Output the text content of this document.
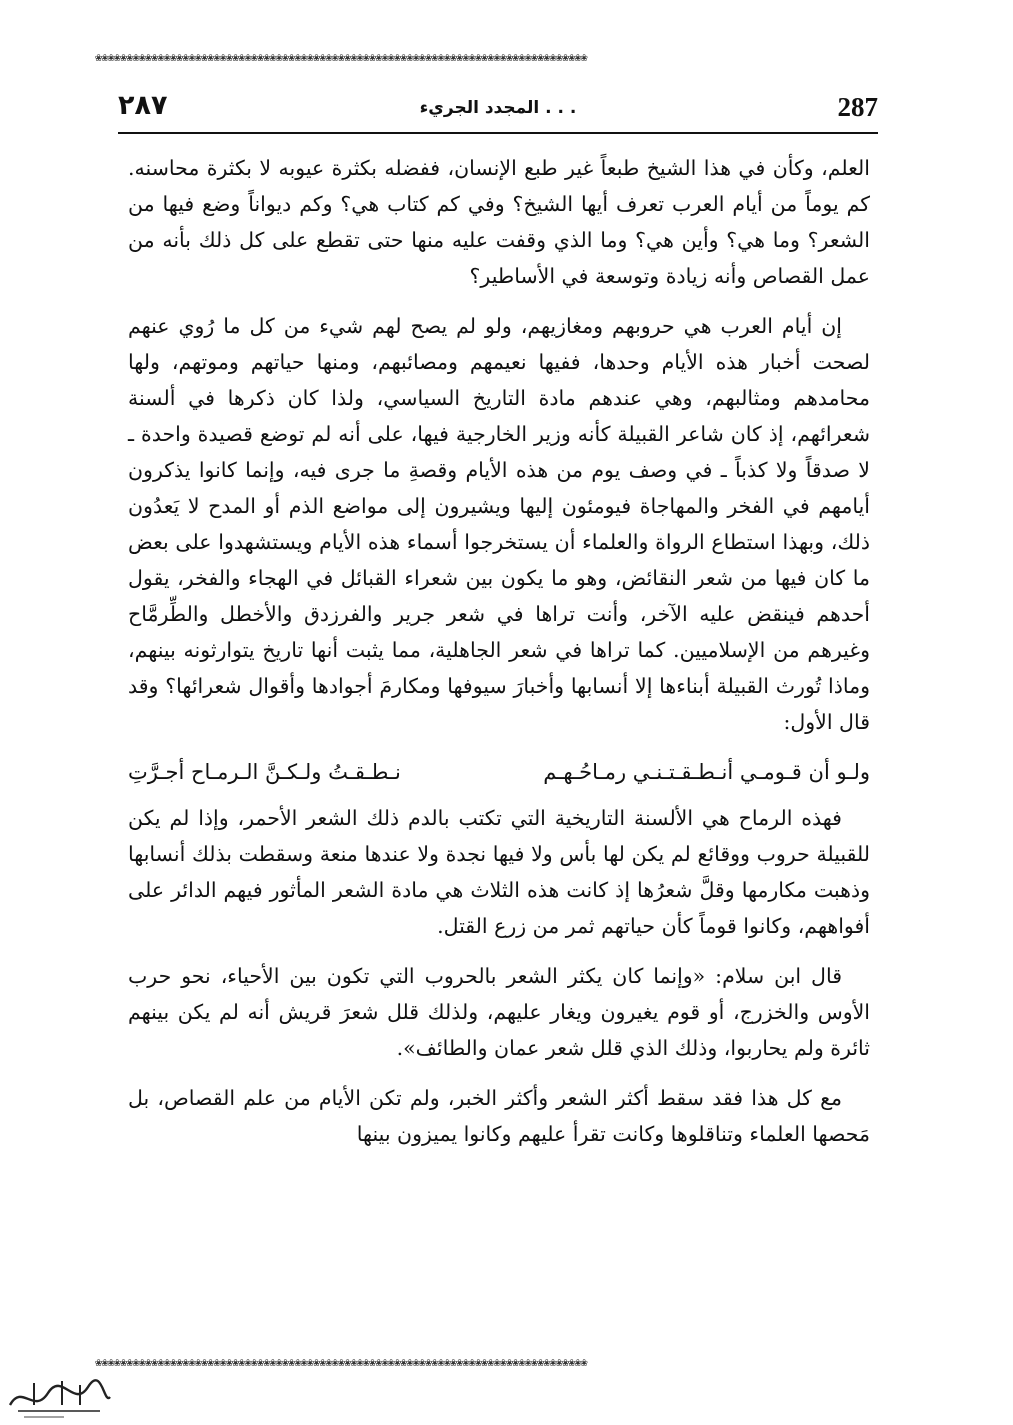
❀❀❀❀❀❀❀❀❀❀❀❀❀❀❀❀❀❀❀❀❀❀❀❀❀❀❀❀❀❀❀❀❀❀❀❀❀❀❀❀❀❀❀❀❀❀❀❀❀❀❀❀❀❀❀❀❀❀❀❀❀❀❀❀❀❀❀❀❀❀❀❀❀❀❀❀❀❀❀
287
المجدد الجريء . . .
٢٨٧

العلم، وكأن في هذا الشيخ طبعاً غير طبع الإنسان، ففضله بكثرة عيوبه لا بكثرة محاسنه. كم يوماً من أيام العرب تعرف أيها الشيخ؟ وفي كم كتاب هي؟ وكم ديواناً وضع فيها من الشعر؟ وما هي؟ وأين هي؟ وما الذي وقفت عليه منها حتى تقطع على كل ذلك بأنه من عمل القصاص وأنه زيادة وتوسعة في الأساطير؟

إن أيام العرب هي حروبهم ومغازيهم، ولو لم يصح لهم شيء من كل ما رُوي عنهم لصحت أخبار هذه الأيام وحدها، ففيها نعيمهم ومصائبهم، ومنها حياتهم وموتهم، ولها محامدهم ومثالبهم، وهي عندهم مادة التاريخ السياسي، ولذا كان ذكرها في ألسنة شعرائهم، إذ كان شاعر القبيلة كأنه وزير الخارجية فيها، على أنه لم توضع قصيدة واحدة ـ لا صدقاً ولا كذباً ـ في وصف يوم من هذه الأيام وقصةِ ما جرى فيه، وإنما كانوا يذكرون أيامهم في الفخر والمهاجاة فيومئون إليها ويشيرون إلى مواضع الذم أو المدح لا يَعدُون ذلك، وبهذا استطاع الرواة والعلماء أن يستخرجوا أسماء هذه الأيام ويستشهدوا على بعض ما كان فيها من شعر النقائض، وهو ما يكون بين شعراء القبائل في الهجاء والفخر، يقول أحدهم فينقض عليه الآخر، وأنت تراها في شعر جرير والفرزدق والأخطل والطِّرمَّاح وغيرهم من الإسلاميين. كما تراها في شعر الجاهلية، مما يثبت أنها تاريخ يتوارثونه بينهم، وماذا تُورث القبيلة أبناءها إلا أنسابها وأخبارَ سيوفها ومكارمَ أجوادها وأقوال شعرائها؟ وقد قال الأول:

ولـو أن قـومـي أنـطـقـتـنـي رمـاحُـهـم
نـطـقـتُ ولـكـنَّ الـرمـاح أجـرَّتِ

فهذه الرماح هي الألسنة التاريخية التي تكتب بالدم ذلك الشعر الأحمر، وإذا لم يكن للقبيلة حروب ووقائع لم يكن لها بأس ولا فيها نجدة ولا عندها منعة وسقطت بذلك أنسابها وذهبت مكارمها وقلَّ شعرُها إذ كانت هذه الثلاث هي مادة الشعر المأثور فيهم الدائر على أفواههم، وكانوا قوماً كأن حياتهم ثمر من زرع القتل.

قال ابن سلام: «وإنما كان يكثر الشعر بالحروب التي تكون بين الأحياء، نحو حرب الأوس والخزرج، أو قوم يغيرون ويغار عليهم، ولذلك قلل شعرَ قريش أنه لم يكن بينهم ثائرة ولم يحاربوا، وذلك الذي قلل شعر عمان والطائف».

مع كل هذا فقد سقط أكثر الشعر وأكثر الخبر، ولم تكن الأيام من علم القصاص، بل مَحصها العلماء وتناقلوها وكانت تقرأ عليهم وكانوا يميزون بينها

❀❀❀❀❀❀❀❀❀❀❀❀❀❀❀❀❀❀❀❀❀❀❀❀❀❀❀❀❀❀❀❀❀❀❀❀❀❀❀❀❀❀❀❀❀❀❀❀❀❀❀❀❀❀❀❀❀❀❀❀❀❀❀❀❀❀❀❀❀❀❀❀❀❀❀❀❀❀❀
